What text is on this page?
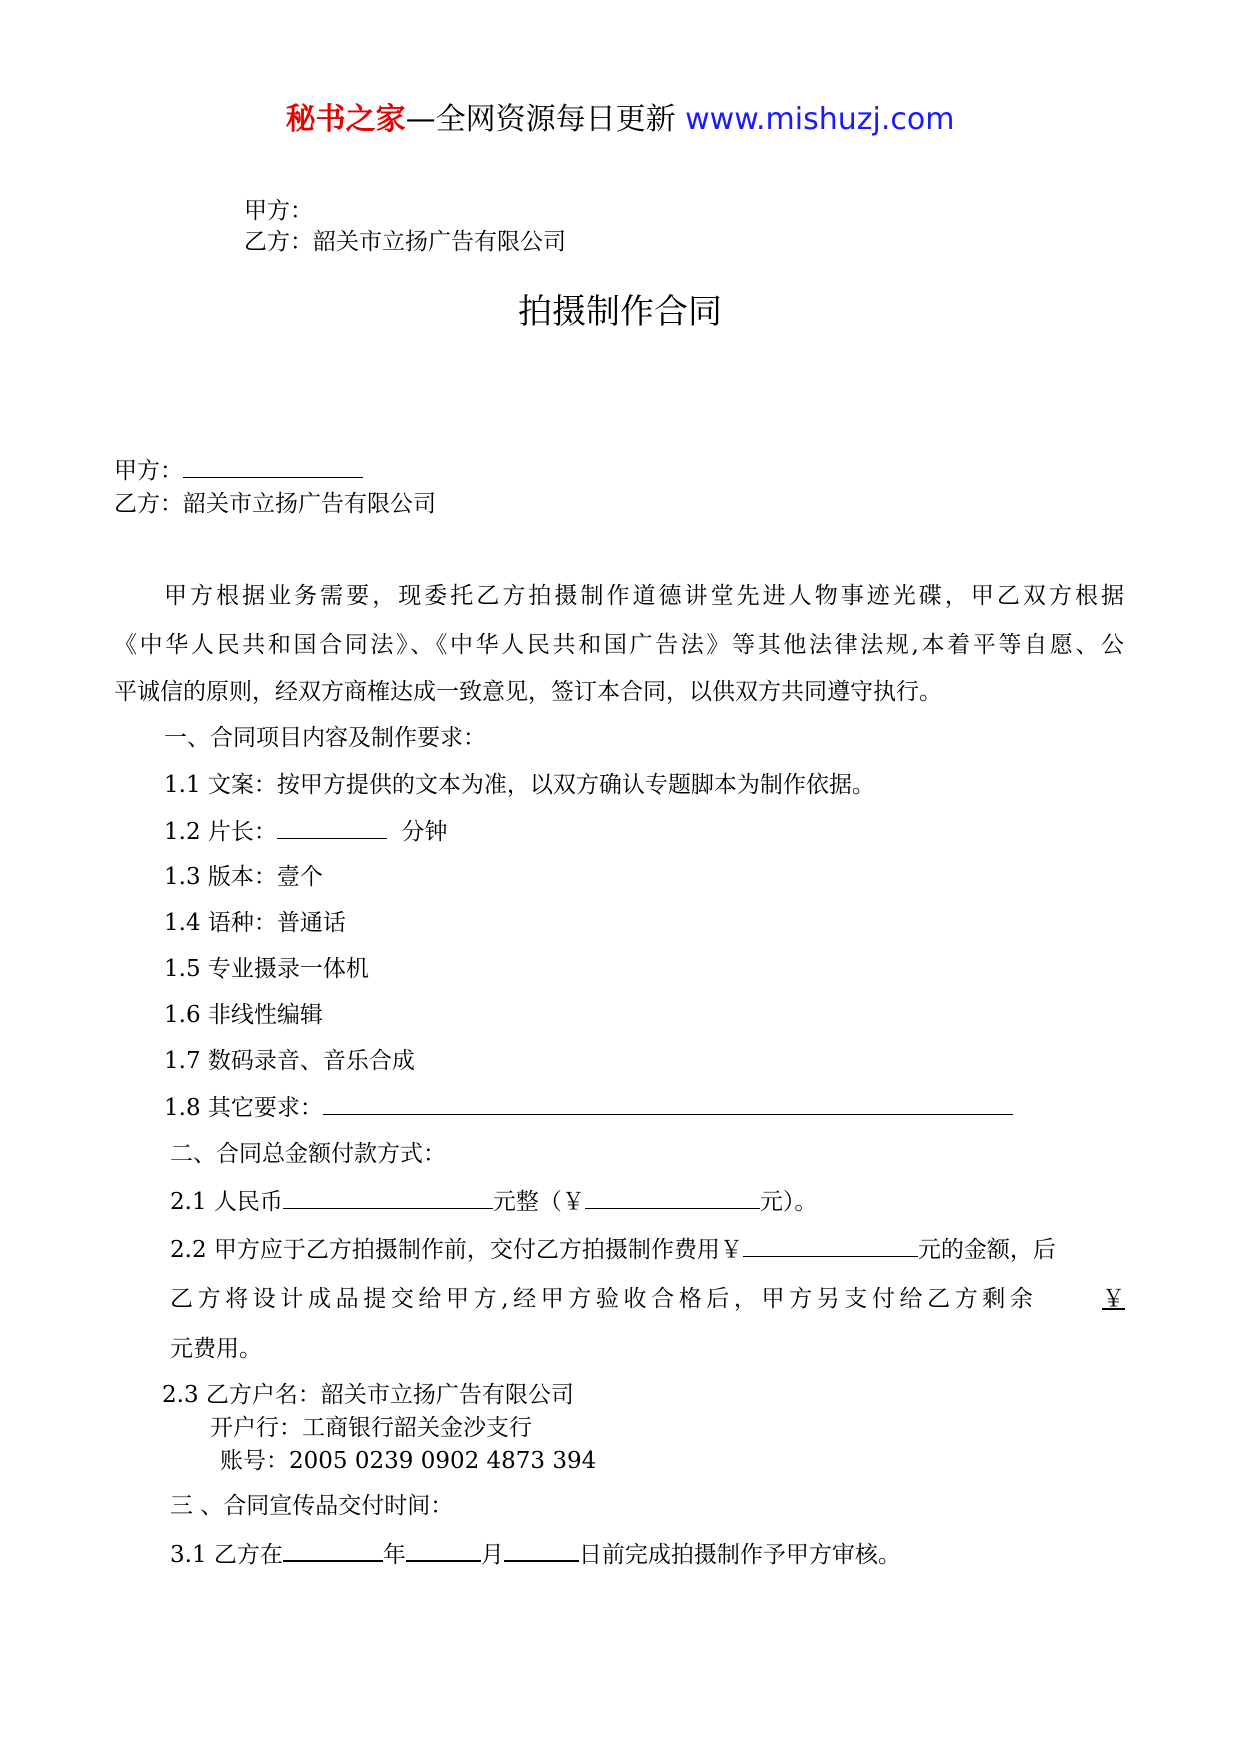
秘书之家—全网资源每日更新 www.mishuzj.com
甲方：
乙方：韶关市立扬广告有限公司
拍摄制作合同
甲方：
乙方：韶关市立扬广告有限公司
甲方根据业务需要，现委托乙方拍摄制作道德讲堂先进人物事迹光碟，甲乙双方根据
《中华人民共和国合同法》、《中华人民共和国广告法》等其他法律法规,本着平等自愿、公
平诚信的原则，经双方商榷达成一致意见，签订本合同，以供双方共同遵守执行。
一、合同项目内容及制作要求：
1.1 文案：按甲方提供的文本为准，以双方确认专题脚本为制作依据。
1.2 片长：	分钟
1.3 版本：壹个
1.4 语种：普通话
1.5 专业摄录一体机
1.6 非线性编辑
1.7 数码录音、音乐合成
1.8 其它要求：
二、合同总金额付款方式：
2.1 人民币	元整（￥	元）。
2.2 甲方应于乙方拍摄制作前，交付乙方拍摄制作费用￥	元的金额，后
乙方将设计成品提交给甲方,经甲方验收合格后，甲方另支付给乙方剩余	￥
元费用。
2.3 乙方户名：韶关市立扬广告有限公司
开户行：工商银行韶关金沙支行
账号：2005 0239 0902 4873 394
三 、合同宣传品交付时间：
3.1 乙方在	年	月	日前完成拍摄制作予甲方审核。
